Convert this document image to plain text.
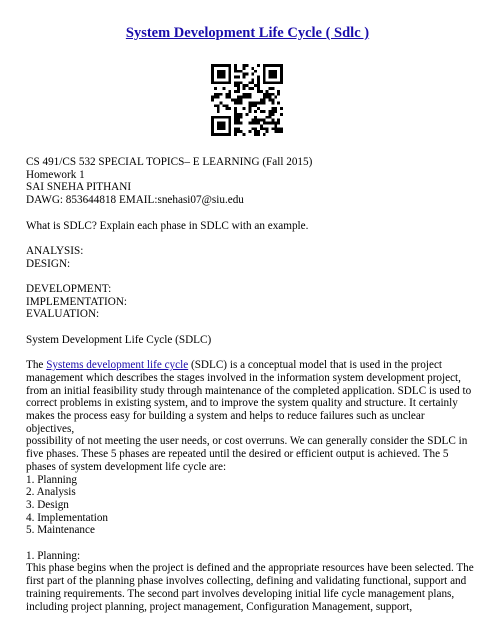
System Development Life Cycle ( Sdlc )

CS 491/CS 532 SPECIAL TOPICS– E LEARNING (Fall 2015)

Homework 1

SAI SNEHA PITHANI

DAWG: 853644818 EMAIL:snehasi07@siu.edu

What is SDLC? Explain each phase in SDLC with an example.

ANALYSIS:

DESIGN:

DEVELOPMENT:

IMPLEMENTATION:

EVALUATION:

System Development Life Cycle (SDLC)

The Systems development life cycle (SDLC) is a conceptual model that is used in the project

management which describes the stages involved in the information system development project,

from an initial feasibility study through maintenance of the completed application. SDLC is used to

correct problems in existing system, and to improve the system quality and structure. It certainly

makes the process easy for building a system and helps to reduce failures such as unclear objectives,

possibility of not meeting the user needs, or cost overruns. We can generally consider the SDLC in

five phases. These 5 phases are repeated until the desired or efficient output is achieved. The 5

phases of system development life cycle are:

1. Planning
2. Analysis
3. Design
4. Implementation
5. Maintenance

1. Planning:

This phase begins when the project is defined and the appropriate resources have been selected. The

first part of the planning phase involves collecting, defining and validating functional, support and

training requirements. The second part involves developing initial life cycle management plans,

including project planning, project management, Configuration Management, support,
